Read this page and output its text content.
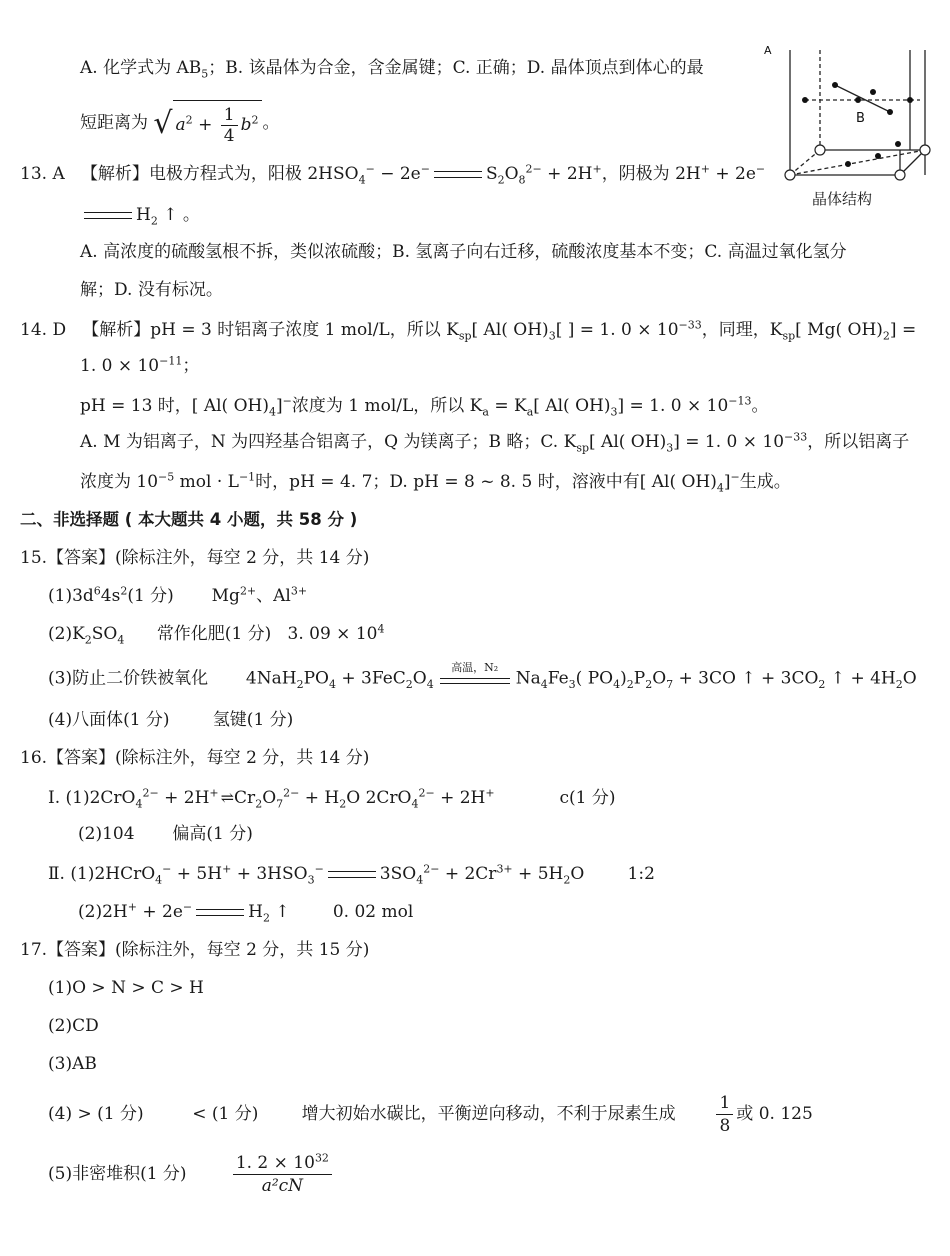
B
A
晶体结构
A. 化学式为 $AB_5$；B. 该晶体为合金，含金属键；C. 正确；D. 晶体顶点到体心的最
短距离为 √ $a^2 + \frac{1}{4} b^2$ 。
13. A 【解析】电极方程式为，阳极 $2HSO_4^- - 2e^-$	$S_2O_8^{2-} + 2H^+$，阴极为 2H+ + 2e−
$H_2$ ↑ 。
A. 高浓度的硫酸氢根不拆，类似浓硫酸；B. 氢离子向右迁移，硫酸浓度基本不变；C. 高温过氧化氢分
解；D. 没有标况。
14. D 【解析】pH = 3 时铝离子浓度 1 mol/L，所以 $K_{sp}$[ Al( $OH)_3$[ ] = 1. $0 \times 10^{-33}$，同理，$K_{sp}$[ Mg( $OH)_2$] =
1. $0 \times 10^{-11}$；
pH = 13 时，[ Al( $OH)_4]^-$浓度为 1 mol/L，所以 $K_a = K_a$[ Al( $OH)_3] = 1$. $0 \times 10^{-13}$。
A. M 为铝离子，N 为四羟基合铝离子，Q 为镁离子；B 略；C. $K_{sp}$[ Al( $OH)_3] = 1$. $0 \times 10^{-33}$，所以铝离子
浓度为 $10^{-5}$ mol · $L^{-1}$时，pH = 4. 7；D. pH = 8 ~ 8. 5 时，溶液中有[ Al( $OH)_4]^-$生成。
二、非选择题 ( 本大题共 4 小题，共 58 分 )
15.【答案】(除标注外，每空 2 分，共 14 分)
$(1)3d^64s^2(1$ 分) $Mg^{2+}$、$Al^{3+}$
$(2)K_2SO_4$ 常作化肥(1 分) 3. $09 \times 10^4$
(3)防止二价铁被氧化 $4NaH_2PO_4 + 3FeC_2O_4$
高温，N₂
$Na_4Fe_3$( $PO_4)_2P_2O_7 + 3CO$ ↑ + $3CO_2$ ↑ + $4H_2O$
(4)八面体(1 分)	氢键(1 分)
16.【答案】(除标注外，每空 2 分，共 14 分)
Ⅰ. (1)2CrO$_4^{2-}$ + 2H+ ⇌ $Cr_2O_7^{2-} + H_2O$ 2CrO$_4^{2-}$ + 2H+	c(1 分)
(2)104 偏高(1 分)
Ⅱ. (1)2HCrO$_4$− + $5H^+ + 3HSO_3^-$	$3SO_4^{2-} + 2Cr^{3+} + 5H_2O$	1:2
(2)2H+ + 2e−	$H_2$ ↑	0. 02 mol
17.【答案】(除标注外，每空 2 分，共 15 分)
(1)O > N > C > H
(2)CD
(3)AB
(4) > (1 分)	< (1 分)	增大初始水碳比，平衡逆向移动，不利于尿素生成 $\frac{1}{8}$ 或 0. 125
(5)非密堆积(1 分)	$\frac{1. 2 \times 10^{32}}{\text{a²cN}}$
